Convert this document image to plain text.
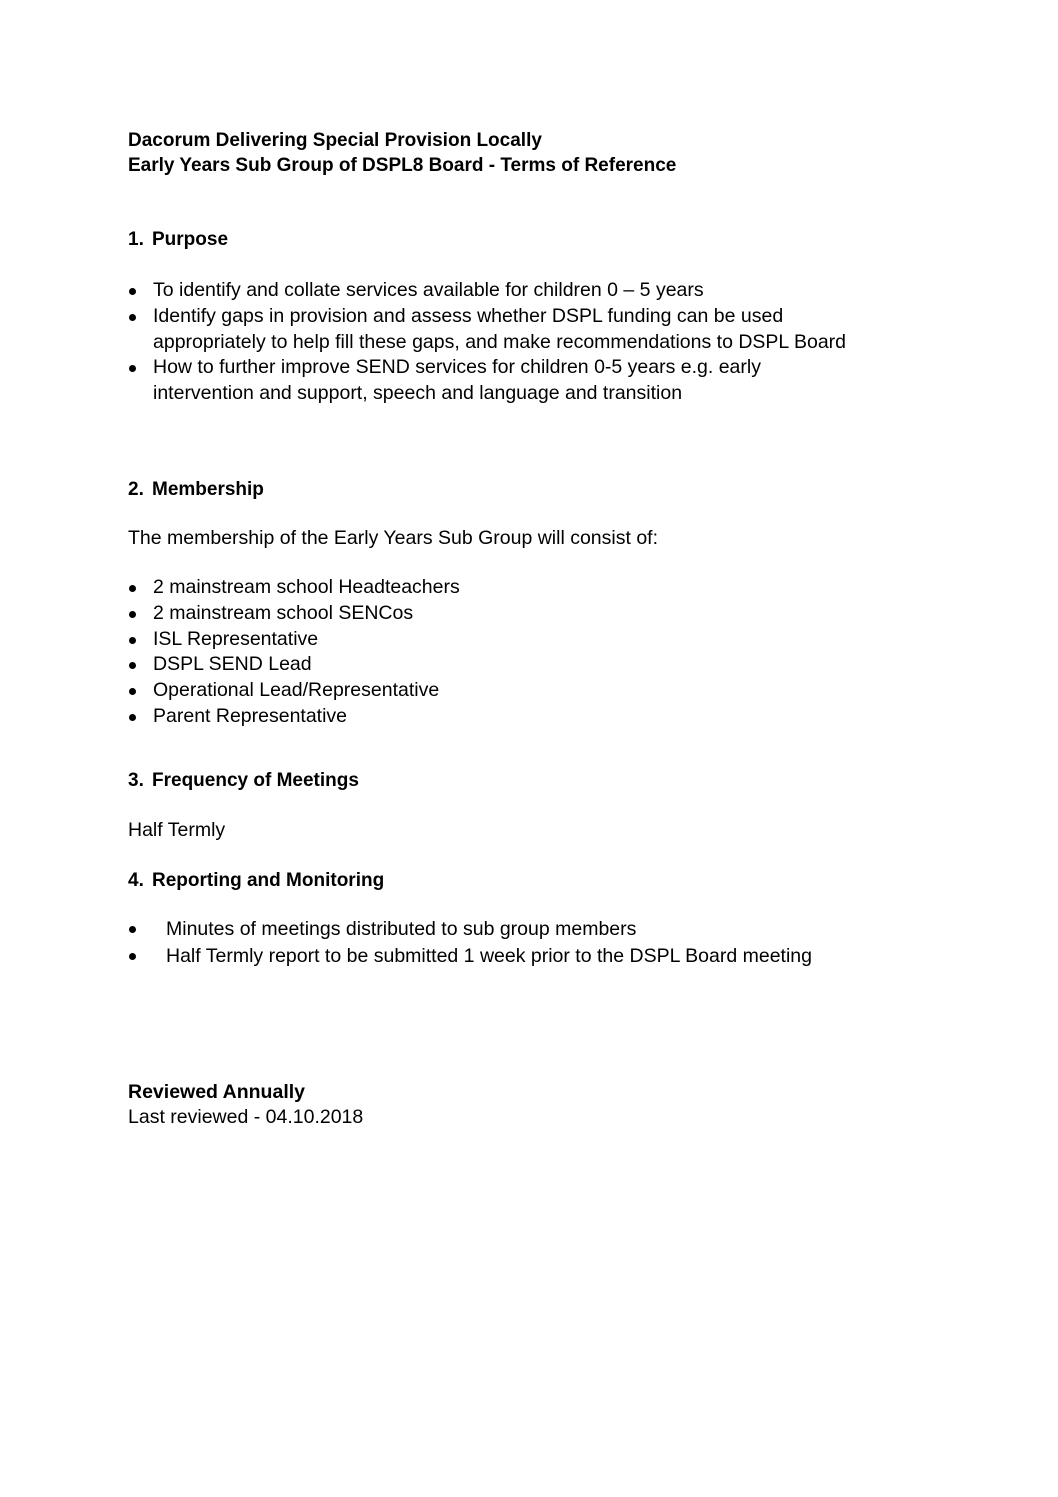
Dacorum Delivering Special Provision Locally
Early Years Sub Group of DSPL8 Board - Terms of Reference
1. Purpose
To identify and collate services available for children 0 – 5 years
Identify gaps in provision and assess whether DSPL funding can be used
appropriately to help fill these gaps, and make recommendations to DSPL Board
How to further improve SEND services for children 0-5 years e.g. early
intervention and support, speech and language and transition
2. Membership
The membership of the Early Years Sub Group will consist of:
2 mainstream school Headteachers
2 mainstream school SENCos
ISL Representative
DSPL SEND Lead
Operational Lead/Representative
Parent Representative
3. Frequency of Meetings
Half Termly
4. Reporting and Monitoring
Minutes of meetings distributed to sub group members
Half Termly report to be submitted 1 week prior to the DSPL Board meeting
Reviewed Annually
Last reviewed - 04.10.2018
